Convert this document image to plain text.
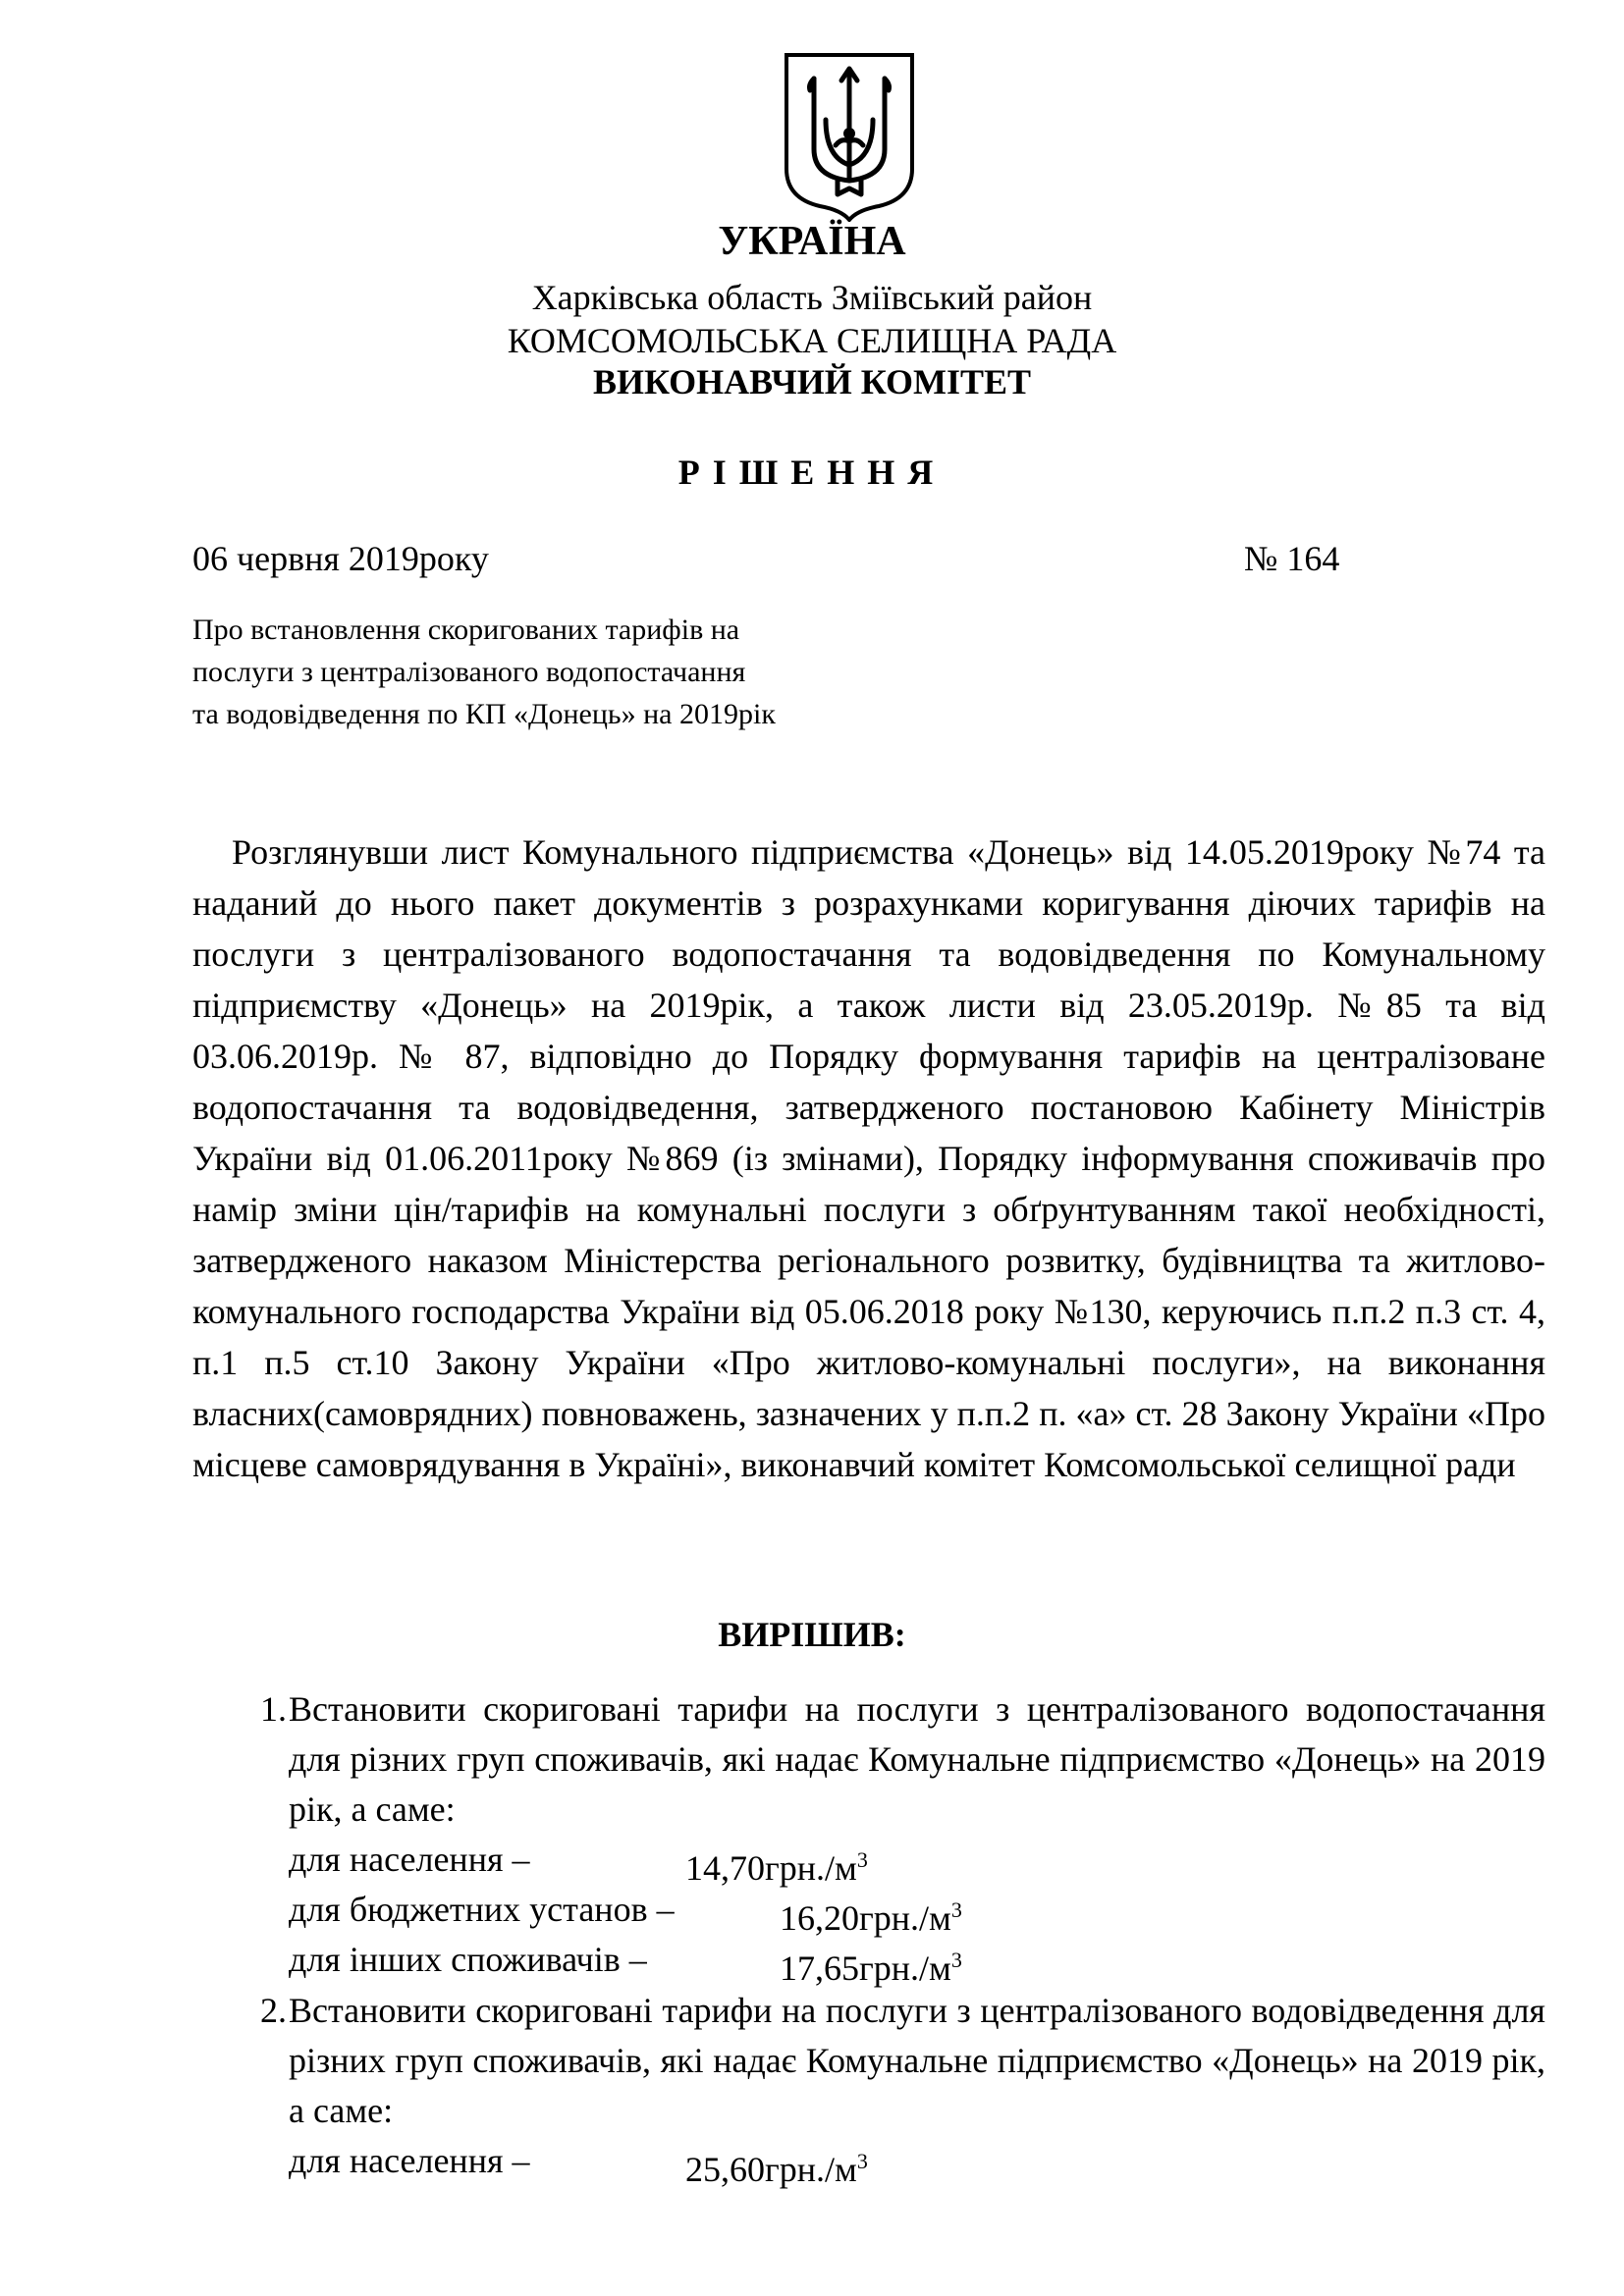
УКРАЇНА
Харківська область Зміївський район
КОМСОМОЛЬСЬКА СЕЛИЩНА РАДА
ВИКОНАВЧИЙ КОМІТЕТ
РІШЕННЯ
06 червня 2019року	№ 164
Про встановлення скоригованих тарифів на
послуги з централізованого водопостачання
та водовідведення по КП «Донець» на 2019рік

Розглянувши лист Комунального підприємства «Донець» від 14.05.2019року №74 та наданий до нього пакет документів з розрахунками коригування діючих тарифів на послуги з централізованого водопостачання та водовідведення по Комунальному підприємству «Донець» на 2019рік, а також листи від 23.05.2019р. №85 та від 03.06.2019р. № 87, відповідно до Порядку формування тарифів на централізоване водопостачання та водовідведення, затвердженого постановою Кабінету Міністрів України від 01.06.2011року №869 (із змінами), Порядку інформування споживачів про намір зміни цін/тарифів на комунальні послуги з обґрунтуванням такої необхідності, затвердженого наказом Міністерства регіонального розвитку, будівництва та житлово-комунального господарства України від 05.06.2018 року №130, керуючись п.п.2 п.3 ст. 4, п.1 п.5 ст.10 Закону України «Про житлово-комунальні послуги», на виконання власних(самоврядних) повноважень, зазначених у п.п.2 п. «а» ст. 28 Закону України «Про місцеве самоврядування в Україні», виконавчий комітет Комсомольської селищної ради

ВИРІШИВ:
1. Встановити скориговані тарифи на послуги з централізованого водопостачання для різних груп споживачів, які надає Комунальне підприємство «Донець» на 2019 рік, а саме:
для населення –	$14,70грн./м^3$
для бюджетних установ –	$16,20грн./м^3$
для інших споживачів –	$17,65грн./м^3$
2. Встановити скориговані тарифи на послуги з централізованого водовідведення для різних груп споживачів, які надає Комунальне підприємство «Донець» на 2019 рік, а саме:
для населення –	$25,60грн./м^3$
